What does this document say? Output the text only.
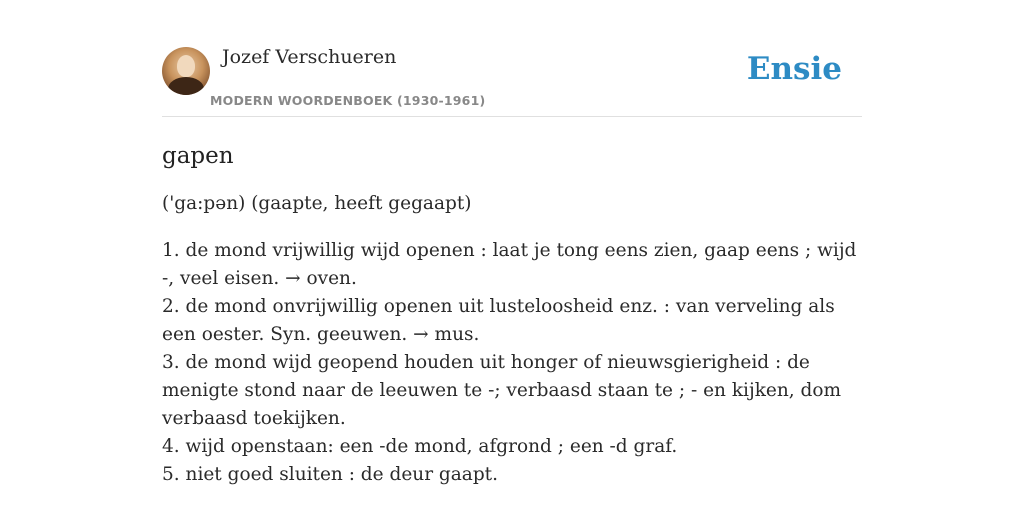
Jozef Verschueren
MODERN WOORDENBOEK (1930-1961)
Ensie
gapen
('ga:pən) (gaapte, heeft gegaapt)
1. de mond vrijwillig wijd openen : laat je tong eens zien, gaap eens ; wijd -, veel eisen. → oven.
2. de mond onvrijwillig openen uit lusteloosheid enz. : van verveling als een oester. Syn. geeuwen. → mus.
3. de mond wijd geopend houden uit honger of nieuwsgierigheid : de menigte stond naar de leeuwen te -; verbaasd staan te ; - en kijken, dom verbaasd toekijken.
4. wijd openstaan: een -de mond, afgrond ; een -d graf.
5. niet goed sluiten : de deur gaapt.
